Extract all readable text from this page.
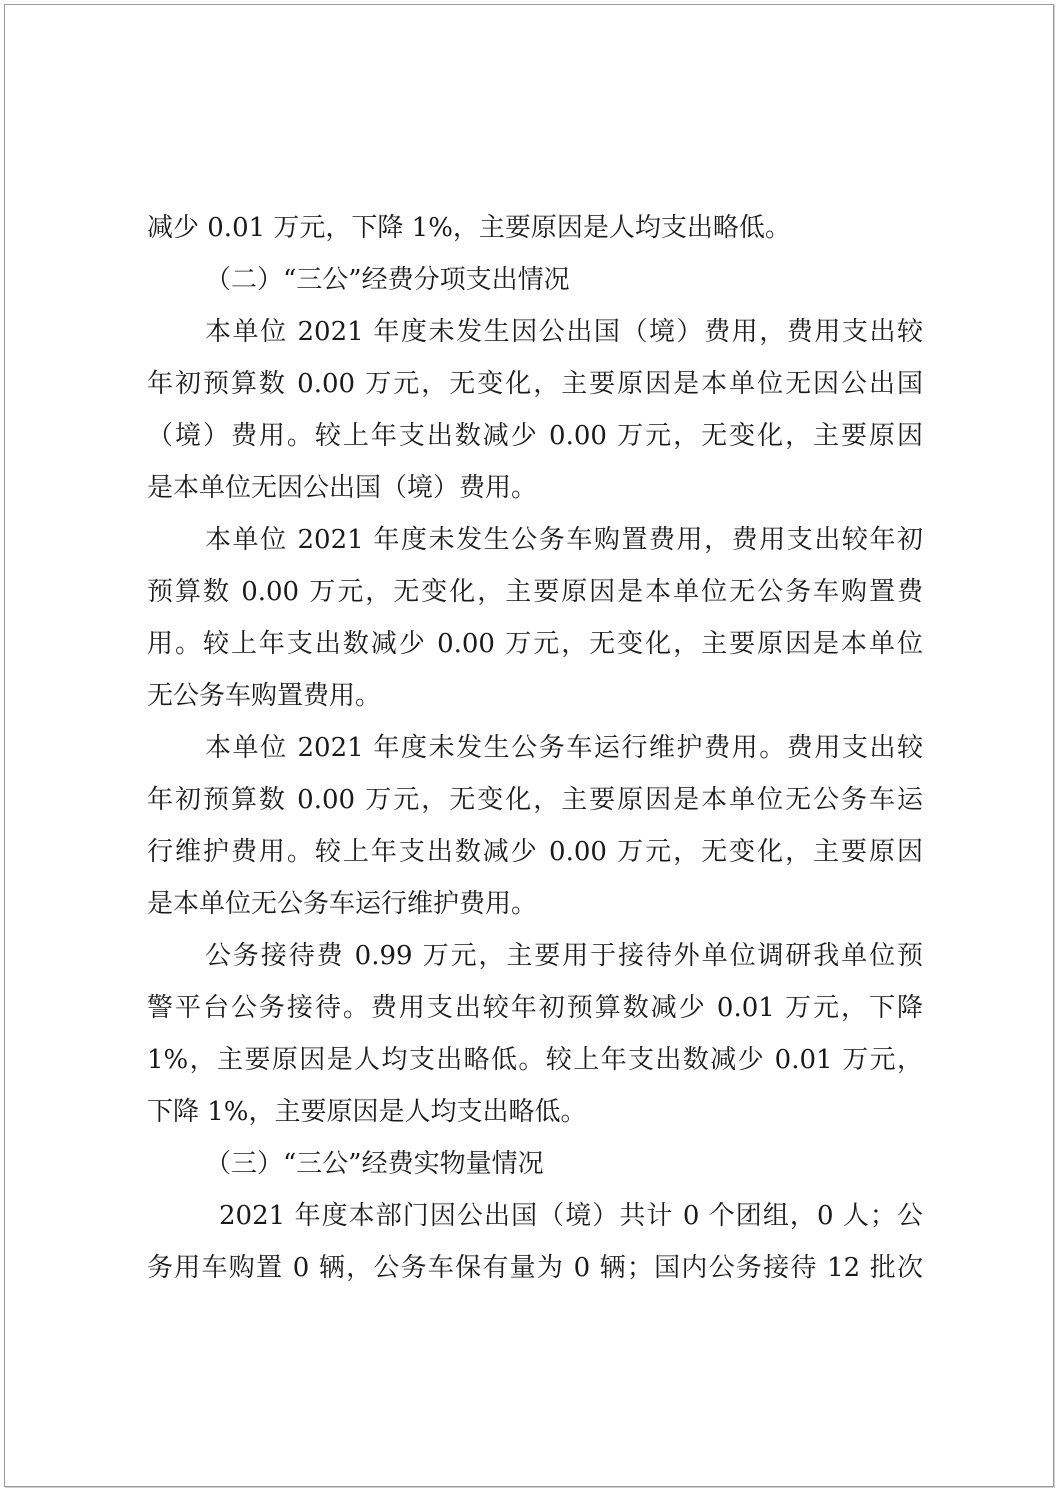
减少 0.01 万元，下降 1%，主要原因是人均支出略低。

（二）“三公”经费分项支出情况

本单位 2021 年度未发生因公出国（境）费用，费用支出较

年初预算数 0.00 万元，无变化，主要原因是本单位无因公出国

（境）费用。较上年支出数减少 0.00 万元，无变化，主要原因

是本单位无因公出国（境）费用。

本单位 2021 年度未发生公务车购置费用，费用支出较年初

预算数 0.00 万元，无变化，主要原因是本单位无公务车购置费

用。较上年支出数减少 0.00 万元，无变化，主要原因是本单位

无公务车购置费用。

本单位 2021 年度未发生公务车运行维护费用。费用支出较

年初预算数 0.00 万元，无变化，主要原因是本单位无公务车运

行维护费用。较上年支出数减少 0.00 万元，无变化，主要原因

是本单位无公务车运行维护费用。

公务接待费 0.99 万元，主要用于接待外单位调研我单位预

警平台公务接待。费用支出较年初预算数减少 0.01 万元，下降

1%，主要原因是人均支出略低。较上年支出数减少 0.01 万元，

下降 1%，主要原因是人均支出略低。

（三）“三公”经费实物量情况

2021 年度本部门因公出国（境）共计 0 个团组，0 人；公

务用车购置 0 辆，公务车保有量为 0 辆；国内公务接待 12 批次
